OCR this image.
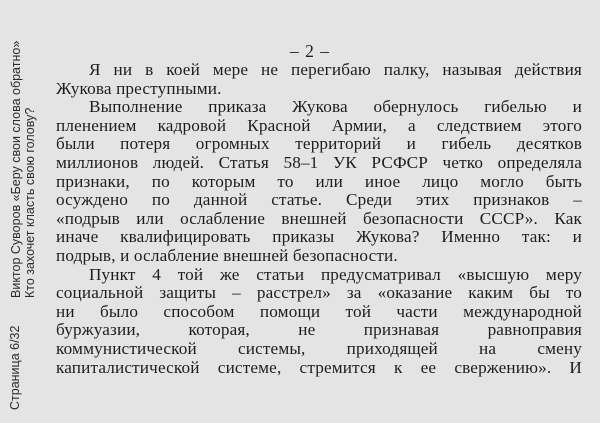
Страница 6/32
Виктор Суворов «Беру свои слова обратно» Кто захочет класть свою голову?
– 2 –
Я ни в коей мере не перегибаю палку, называя действия
Жукова преступными.
Выполнение приказа Жукова обернулось гибелью и
пленением кадровой Красной Армии, а следствием этого
были потеря огромных территорий и гибель десятков
миллионов людей. Статья 58–1 УК РСФСР четко определяла
признаки, по которым то или иное лицо могло быть
осуждено по данной статье. Среди этих признаков –
«подрыв или ослабление внешней безопасности СССР». Как
иначе квалифицировать приказы Жукова? Именно так: и
подрыв, и ослабление внешней безопасности.
Пункт 4 той же статьи предусматривал «высшую меру
социальной защиты – расстрел» за «оказание каким бы то
ни было способом помощи той части международной
буржуазии, которая, не признавая равноправия
коммунистической системы, приходящей на смену
капиталистической системе, стремится к ее свержению». И
